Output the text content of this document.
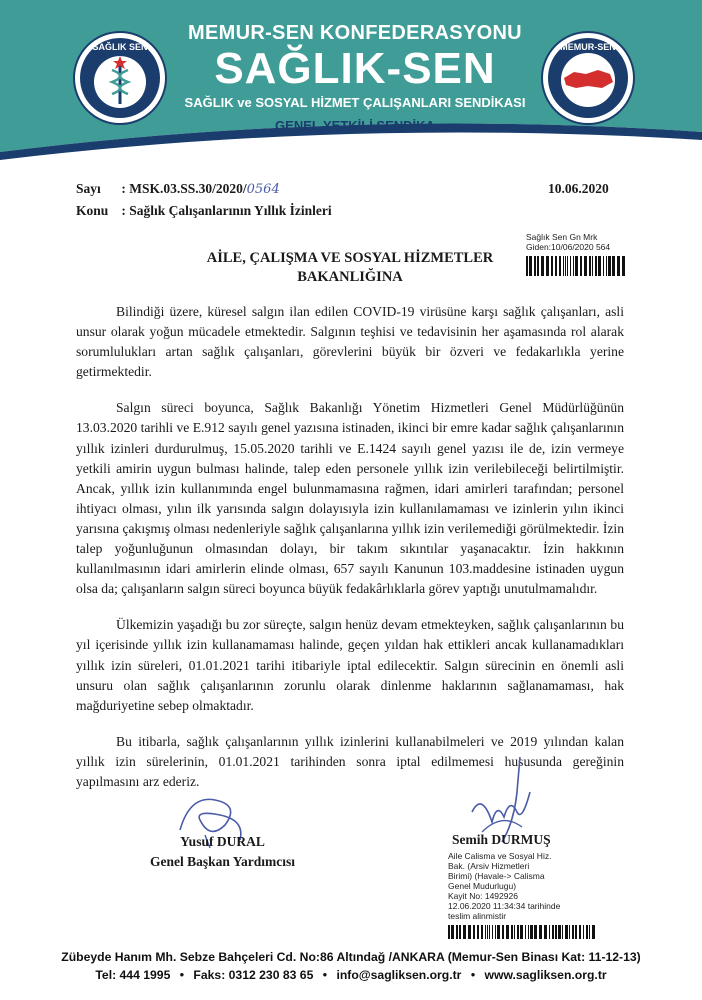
SAĞLIK SEN
MEMUR-SEN KONFEDERASYONU
SAĞLIK-SEN
SAĞLIK ve SOSYAL HİZMET ÇALIŞANLARI SENDİKASI
GENEL YETKİLİ SENDİKA
MEMUR-SEN
Sayı : MSK.03.SS.30/2020/0564
Konu : Sağlık Çalışanlarının Yıllık İzinleri
10.06.2020
Sağlık Sen Gn Mrk
Giden:10/06/2020 564
AİLE, ÇALIŞMA VE SOSYAL HİZMETLER
BAKANLIĞINA

Bilindiği üzere, küresel salgın ilan edilen COVID-19 virüsüne karşı sağlık çalışanları, asli unsur olarak yoğun mücadele etmektedir. Salgının teşhisi ve tedavisinin her aşamasında rol alarak sorumlulukları artan sağlık çalışanları, görevlerini büyük bir özveri ve fedakarlıkla yerine getirmektedir.

Salgın süreci boyunca, Sağlık Bakanlığı Yönetim Hizmetleri Genel Müdürlüğünün 13.03.2020 tarihli ve E.912 sayılı genel yazısına istinaden, ikinci bir emre kadar sağlık çalışanlarının yıllık izinleri durdurulmuş, 15.05.2020 tarihli ve E.1424 sayılı genel yazısı ile de, izin vermeye yetkili amirin uygun bulması halinde, talep eden personele yıllık izin verilebileceği belirtilmiştir. Ancak, yıllık izin kullanımında engel bulunmamasına rağmen, idari amirleri tarafından; personel ihtiyacı olması, yılın ilk yarısında salgın dolayısıyla izin kullanılamaması ve izinlerin yılın ikinci yarısına çakışmış olması nedenleriyle sağlık çalışanlarına yıllık izin verilemediği görülmektedir. İzin talep yoğunluğunun olmasından dolayı, bir takım sıkıntılar yaşanacaktır. İzin hakkının kullanılmasının idari amirlerin elinde olması, 657 sayılı Kanunun 103.maddesine istinaden uygun olsa da; çalışanların salgın süreci boyunca büyük fedakârlıklarla görev yaptığı unutulmamalıdır.

Ülkemizin yaşadığı bu zor süreçte, salgın henüz devam etmekteyken, sağlık çalışanlarının bu yıl içerisinde yıllık izin kullanamaması halinde, geçen yıldan hak ettikleri ancak kullanamadıkları yıllık izin süreleri, 01.01.2021 tarihi itibariyle iptal edilecektir. Salgın sürecinin en önemli asli unsuru olan sağlık çalışanlarının zorunlu olarak dinlenme haklarının sağlanamaması, hak mağduriyetine sebep olmaktadır.

Bu itibarla, sağlık çalışanlarının yıllık izinlerini kullanabilmeleri ve 2019 yılından kalan yıllık izin sürelerinin, 01.01.2021 tarihinden sonra iptal edilmemesi hususunda gereğinin yapılmasını arz ederiz.

Yusuf DURAL
Genel Başkan Yardımcısı
Semih DURMUŞ
Aile Calisma ve Sosyal Hiz.
Bak. (Arsiv Hizmetleri
Birimi) (Havale-> Calisma
Genel Mudurlugu)
Kayit No: 1492926
12.06.2020 11:34:34 tarihinde
teslim alinmistir
Zübeyde Hanım Mh. Sebze Bahçeleri Cd. No:86 Altındağ /ANKARA (Memur-Sen Binası Kat: 11-12-13)
Tel: 444 1995 • Faks: 0312 230 83 65 • info@sagliksen.org.tr • www.sagliksen.org.tr
